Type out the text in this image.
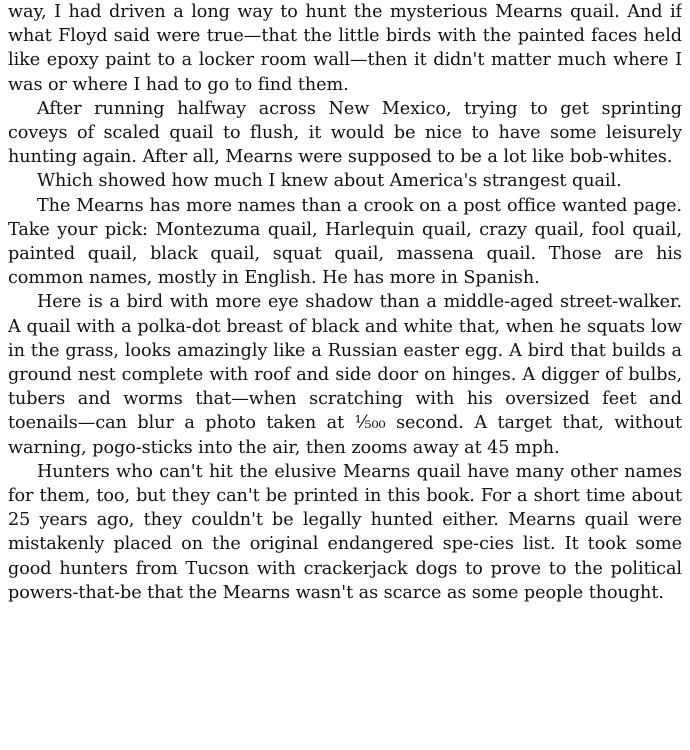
way, I had driven a long way to hunt the mysterious Mearns quail. And if what Floyd said were true—that the little birds with the painted faces held like epoxy paint to a locker room wall—then it didn't matter much where I was or where I had to go to find them.

After running halfway across New Mexico, trying to get sprinting coveys of scaled quail to flush, it would be nice to have some leisurely hunting again. After all, Mearns were supposed to be a lot like bob-whites.

Which showed how much I knew about America's strangest quail.

The Mearns has more names than a crook on a post office wanted page. Take your pick: Montezuma quail, Harlequin quail, crazy quail, fool quail, painted quail, black quail, squat quail, massena quail. Those are his common names, mostly in English. He has more in Spanish.

Here is a bird with more eye shadow than a middle-aged street-walker. A quail with a polka-dot breast of black and white that, when he squats low in the grass, looks amazingly like a Russian easter egg. A bird that builds a ground nest complete with roof and side door on hinges. A digger of bulbs, tubers and worms that—when scratching with his oversized feet and toenails—can blur a photo taken at ¹⁄₅₀₀ second. A target that, without warning, pogo-sticks into the air, then zooms away at 45 mph.

Hunters who can't hit the elusive Mearns quail have many other names for them, too, but they can't be printed in this book. For a short time about 25 years ago, they couldn't be legally hunted either. Mearns quail were mistakenly placed on the original endangered spe-cies list. It took some good hunters from Tucson with crackerjack dogs to prove to the political powers-that-be that the Mearns wasn't as scarce as some people thought.
